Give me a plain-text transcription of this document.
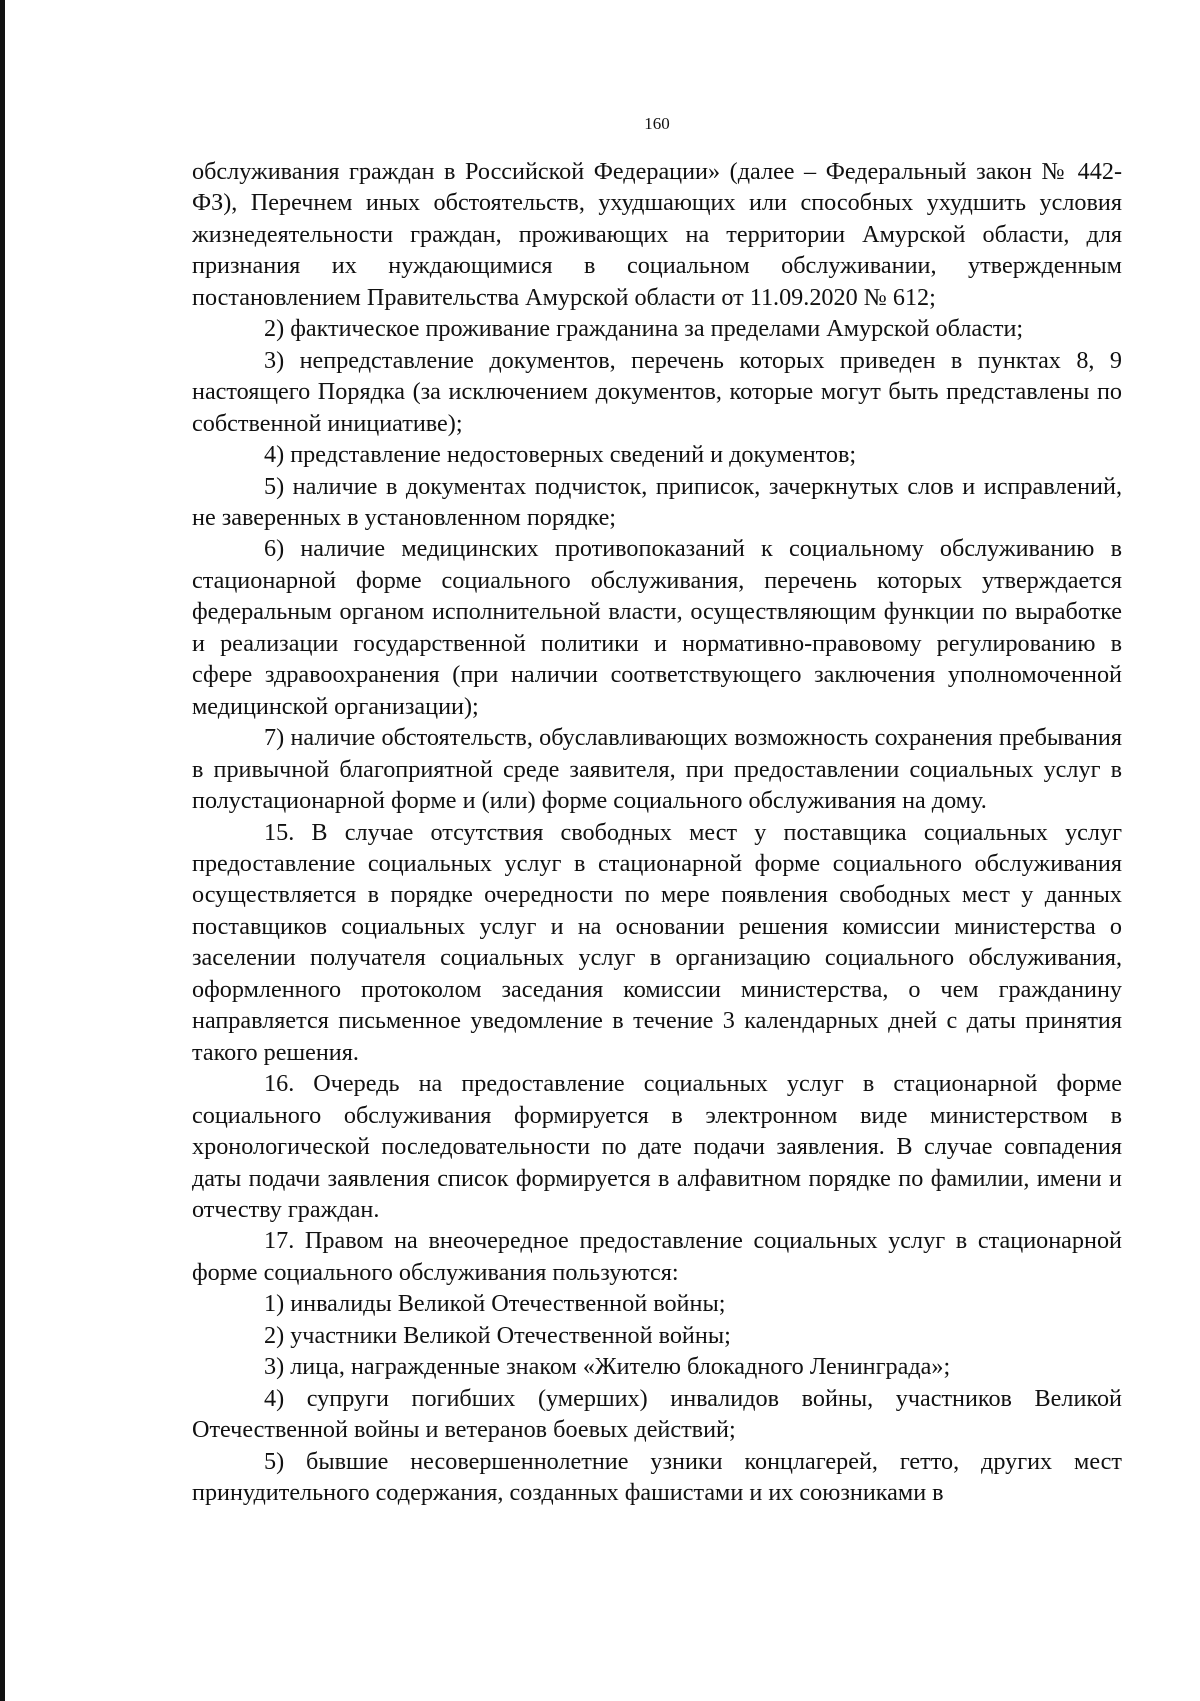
160

обслуживания граждан в Российской Федерации» (далее – Федеральный закон № 442-ФЗ), Перечнем иных обстоятельств, ухудшающих или способных ухудшить условия жизнедеятельности граждан, проживающих на территории Амурской области, для признания их нуждающимися в социальном обслуживании, утвержденным постановлением Правительства Амурской области от 11.09.2020 № 612;

2) фактическое проживание гражданина за пределами Амурской области;

3) непредставление документов, перечень которых приведен в пунктах 8, 9 настоящего Порядка (за исключением документов, которые могут быть представлены по собственной инициативе);

4) представление недостоверных сведений и документов;

5) наличие в документах подчисток, приписок, зачеркнутых слов и исправлений, не заверенных в установленном порядке;

6) наличие медицинских противопоказаний к социальному обслуживанию в стационарной форме социального обслуживания, перечень которых утверждается федеральным органом исполнительной власти, осуществляющим функции по выработке и реализации государственной политики и нормативно-правовому регулированию в сфере здравоохранения (при наличии соответствующего заключения уполномоченной медицинской организации);

7) наличие обстоятельств, обуславливающих возможность сохранения пребывания в привычной благоприятной среде заявителя, при предоставлении социальных услуг в полустационарной форме и (или) форме социального обслуживания на дому.

15. В случае отсутствия свободных мест у поставщика социальных услуг предоставление социальных услуг в стационарной форме социального обслуживания осуществляется в порядке очередности по мере появления свободных мест у данных поставщиков социальных услуг и на основании решения комиссии министерства о заселении получателя социальных услуг в организацию социального обслуживания, оформленного протоколом заседания комиссии министерства, о чем гражданину направляется письменное уведомление в течение 3 календарных дней с даты принятия такого решения.

16. Очередь на предоставление социальных услуг в стационарной форме социального обслуживания формируется в электронном виде министерством в хронологической последовательности по дате подачи заявления. В случае совпадения даты подачи заявления список формируется в алфавитном порядке по фамилии, имени и отчеству граждан.

17. Правом на внеочередное предоставление социальных услуг в стационарной форме социального обслуживания пользуются:

1) инвалиды Великой Отечественной войны;

2) участники Великой Отечественной войны;

3) лица, награжденные знаком «Жителю блокадного Ленинграда»;

4) супруги погибших (умерших) инвалидов войны, участников Великой Отечественной войны и ветеранов боевых действий;

5) бывшие несовершеннолетние узники концлагерей, гетто, других мест принудительного содержания, созданных фашистами и их союзниками в
